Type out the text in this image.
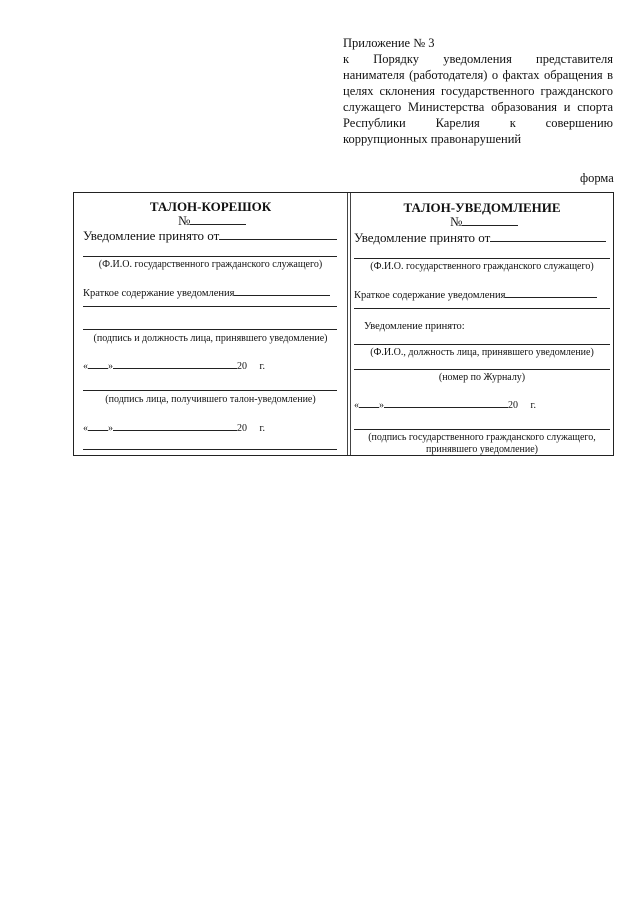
Приложение № 3
к Порядку уведомления представителя нанимателя (работодателя) о фактах обращения в целях склонения государственного гражданского служащего Министерства образования и спорта Республики Карелия к совершению коррупционных правонарушений
форма
ТАЛОН-КОРЕШОК
№
Уведомление принято от
(Ф.И.О. государственного гражданского служащего)
Краткое содержание уведомления
(подпись и должность лица, принявшего уведомление)
« »	20 г.
(подпись лица, получившего талон-уведомление)
« »	20 г.
ТАЛОН-УВЕДОМЛЕНИЕ
№
Уведомление принято от
(Ф.И.О. государственного гражданского служащего)
Краткое содержание уведомления
Уведомление принято:
(Ф.И.О., должность лица, принявшего уведомление)
(номер по Журналу)
« »	20 г.
(подпись государственного гражданского служащего, принявшего уведомление)
